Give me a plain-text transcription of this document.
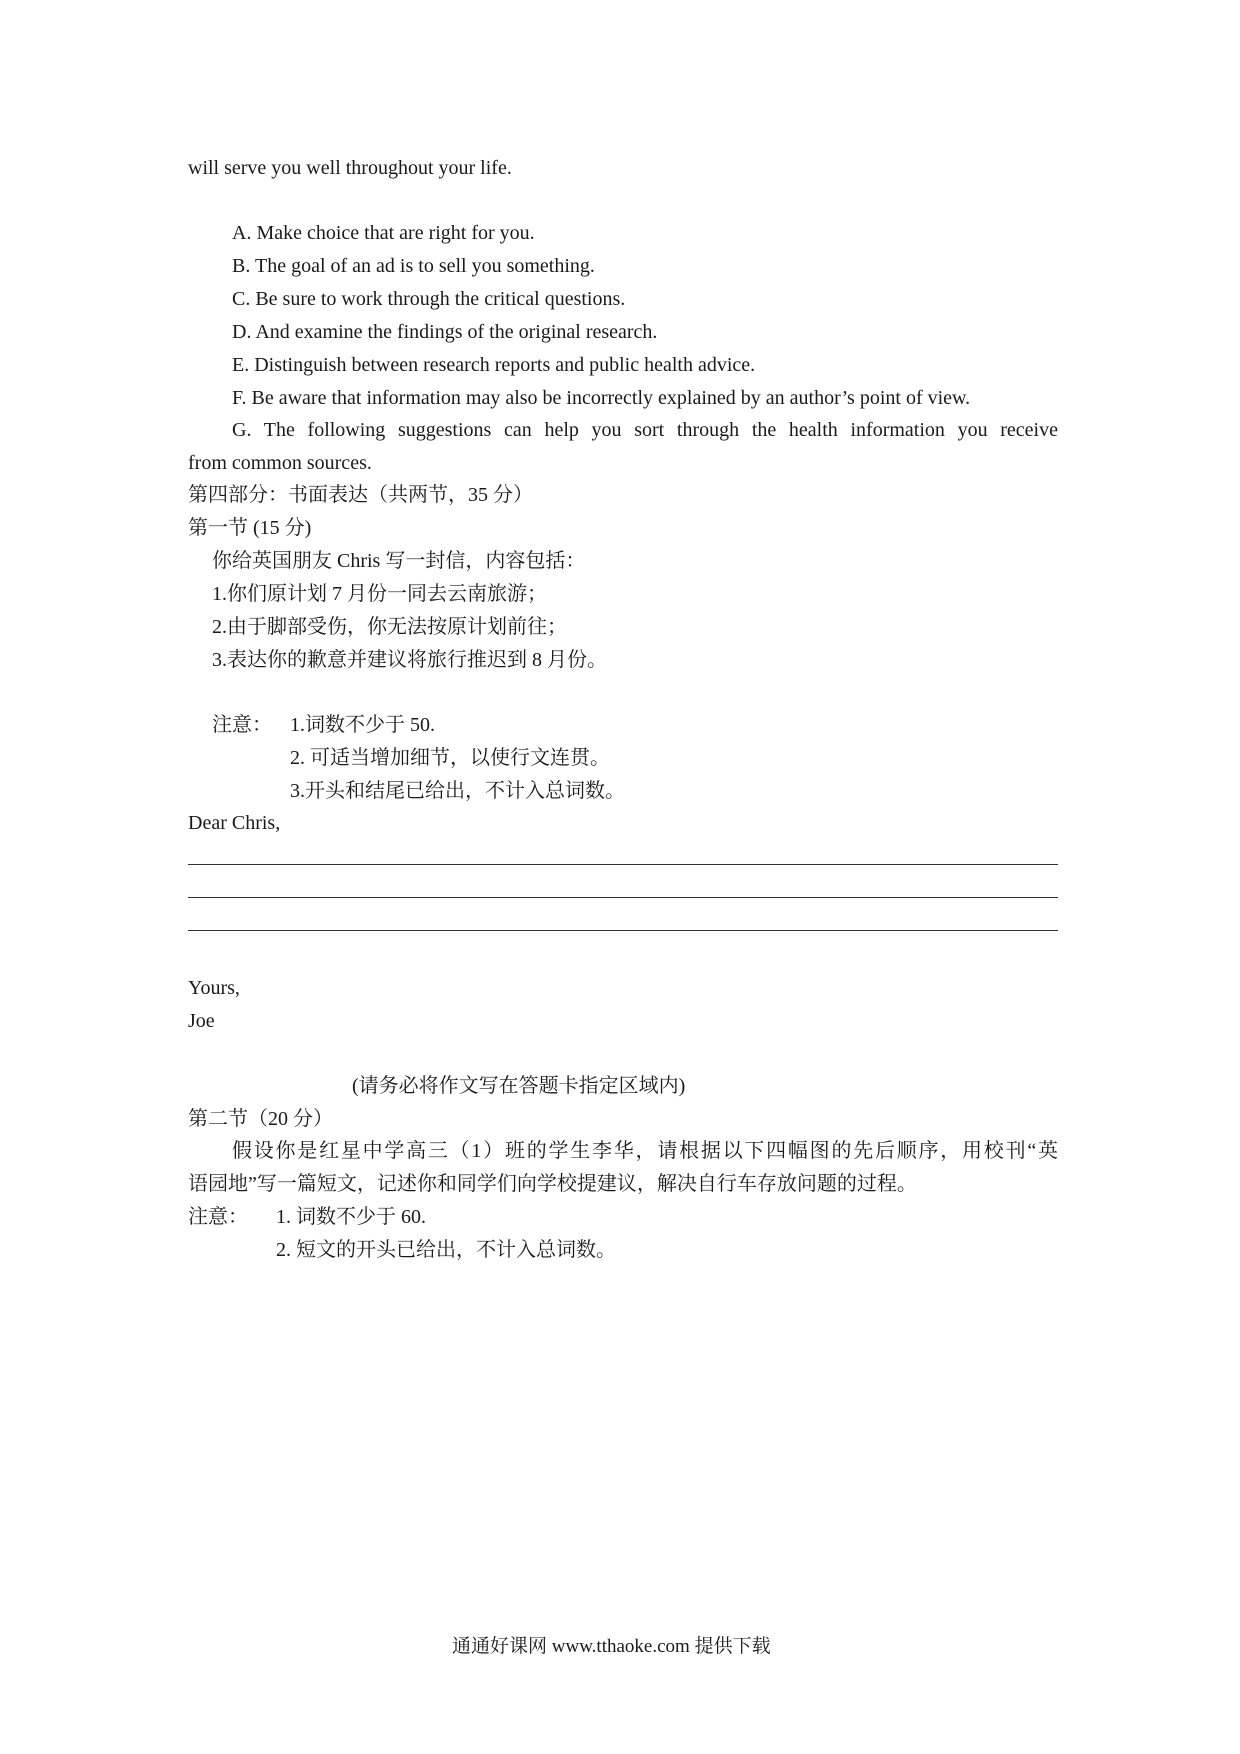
will serve you well throughout your life.
A. Make choice that are right for you.
B. The goal of an ad is to sell you something.
C. Be sure to work through the critical questions.
D. And examine the findings of the original research.
E. Distinguish between research reports and public health advice.
F. Be aware that information may also be incorrectly explained by an author’s point of view.
G. The following suggestions can help you sort through the health information you receive
from common sources.
第四部分：书面表达（共两节，35 分）
第一节 (15 分)
你给英国朋友 Chris 写一封信，内容包括：
1.你们原计划 7 月份一同去云南旅游；
2.由于脚部受伤，你无法按原计划前往；
3.表达你的歉意并建议将旅行推迟到 8 月份。
注意： 1.词数不少于 50.
2. 可适当增加细节，以使行文连贯。
3.开头和结尾已给出，不计入总词数。
Dear Chris,
Yours,
Joe
(请务必将作文写在答题卡指定区域内)
第二节（20 分）
假设你是红星中学高三（1）班的学生李华，请根据以下四幅图的先后顺序，用校刊“英
语园地”写一篇短文，记述你和同学们向学校提建议，解决自行车存放问题的过程。
注意： 1. 词数不少于 60.
2. 短文的开头已给出，不计入总词数。
通通好课网 www.tthaoke.com 提供下载
